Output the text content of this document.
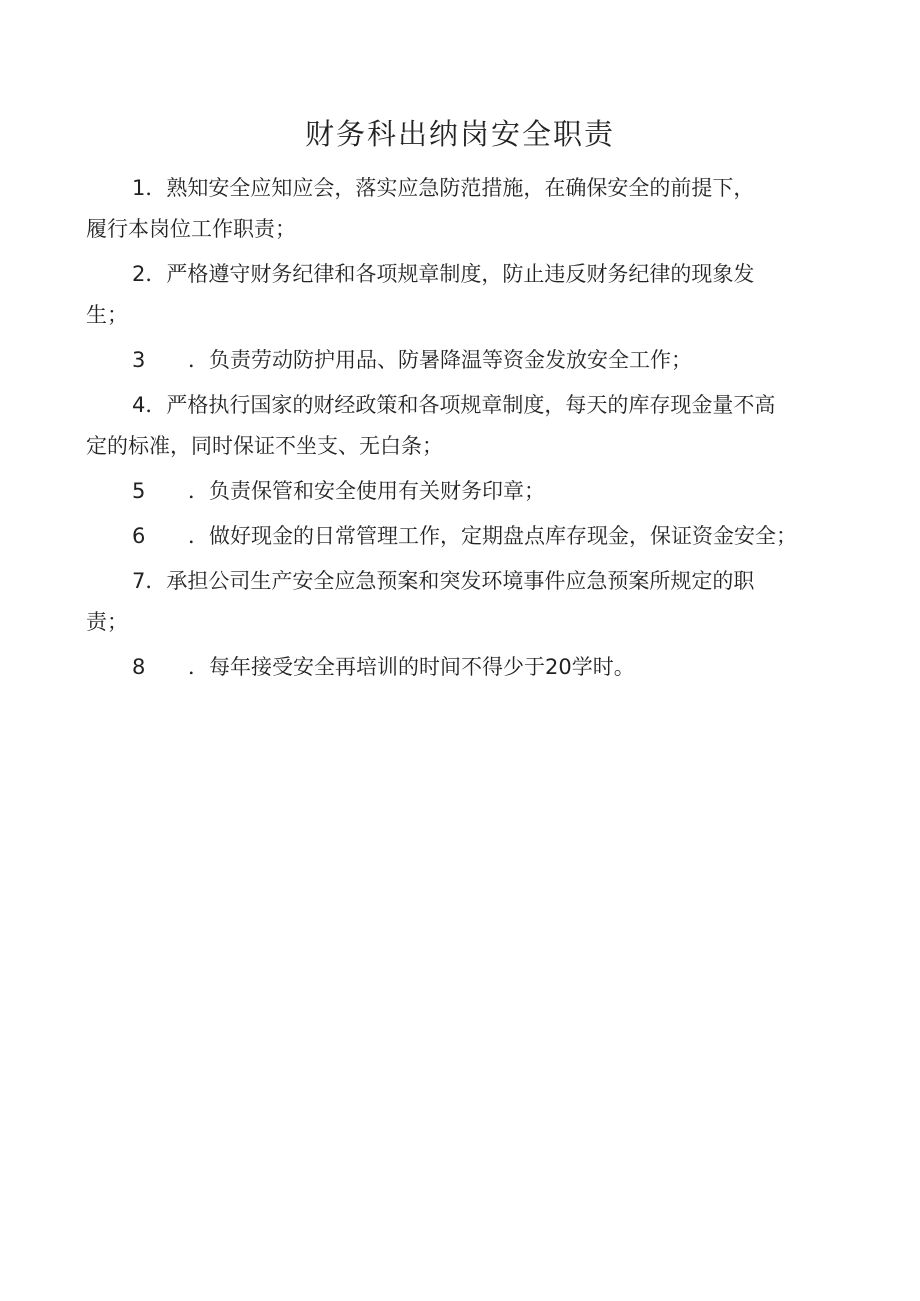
财务科出纳岗安全职责
1．熟知安全应知应会，落实应急防范措施，在确保安全的前提下，
履行本岗位工作职责；
2．严格遵守财务纪律和各项规章制度，防止违反财务纪律的现象发
生；
3 ．负责劳动防护用品、防暑降温等资金发放安全工作；
4．严格执行国家的财经政策和各项规章制度，每天的库存现金量不高
定的标准，同时保证不坐支、无白条；
5 ．负责保管和安全使用有关财务印章；
6 ．做好现金的日常管理工作，定期盘点库存现金，保证资金安全；
7．承担公司生产安全应急预案和突发环境事件应急预案所规定的职
责；
8 ．每年接受安全再培训的时间不得少于20学时。
